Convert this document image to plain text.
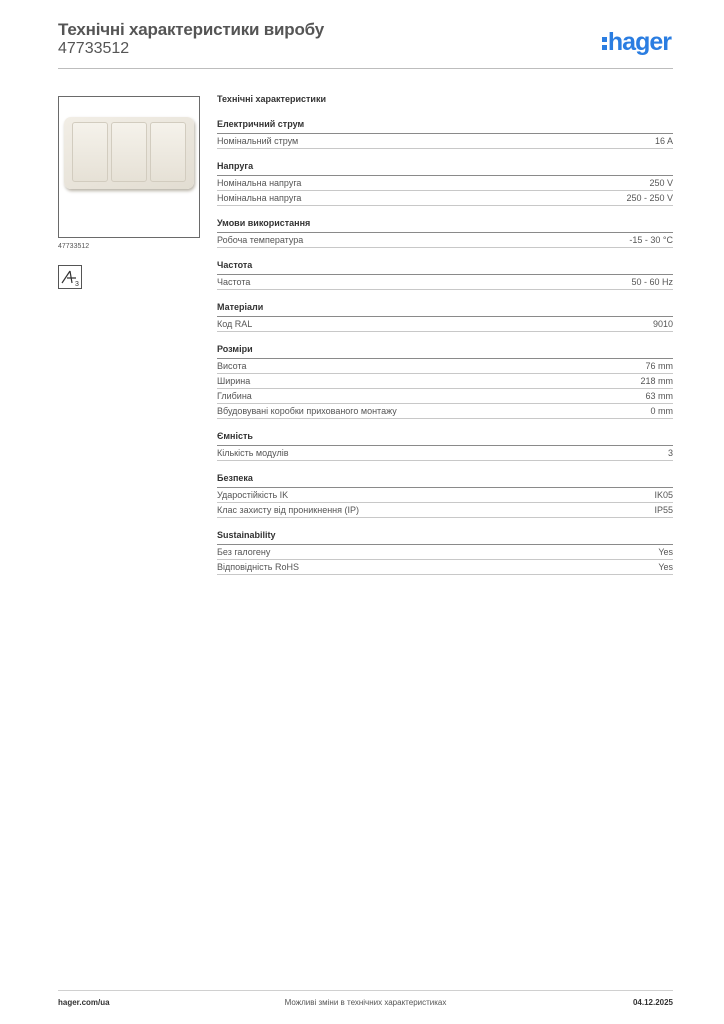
Технічні характеристики виробу
47733512	hager
47733512
3
Технічні характеристики
Електричний струм
Номінальний струм	16 A
Напруга
Номінальна напруга	250 V
Номінальна напруга	250 - 250 V
Умови використання
Робоча температура	-15 - 30 °C
Частота
Частота	50 - 60 Hz
Матеріали
Код RAL	9010
Розміри
Висота	76 mm
Ширина	218 mm
Глибина	63 mm
Вбудовувані коробки прихованого монтажу	0 mm
Ємність
Кількість модулів	3
Безпека
Ударостійкість IK	IK05
Клас захисту від проникнення (IP)	IP55
Sustainability
Без галогену	Yes
Відповідність RoHS	Yes
hager.com/ua	Можливі зміни в технічних характеристиках	04.12.2025
